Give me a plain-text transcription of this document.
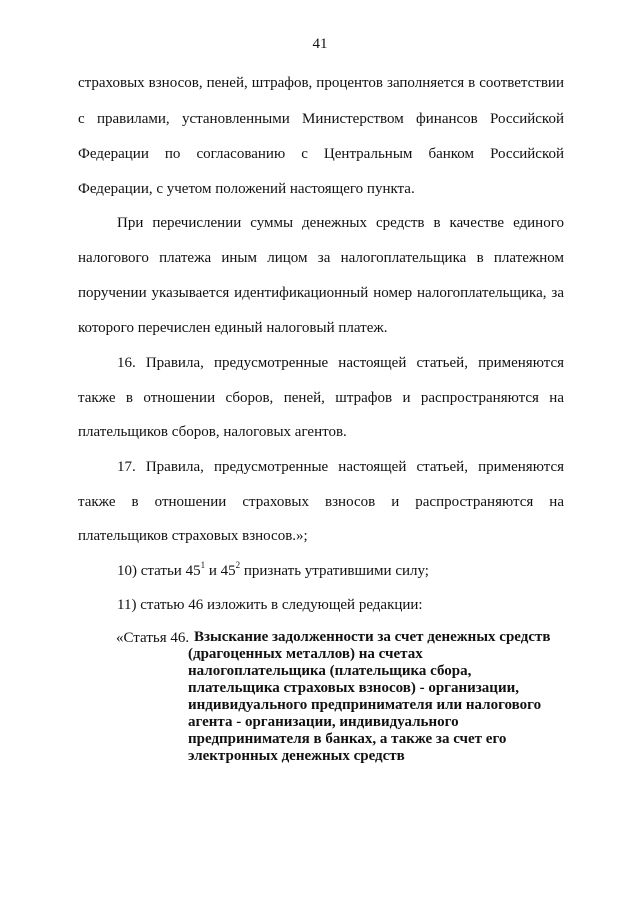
41
страховых взносов, пеней, штрафов, процентов заполняется в соответствии
с правилами, установленными Министерством финансов Российской
Федерации по согласованию с Центральным банком Российской
Федерации, с учетом положений настоящего пункта.
При перечислении суммы денежных средств в качестве единого
налогового платежа иным лицом за налогоплательщика в платежном
поручении указывается идентификационный номер налогоплательщика, за
которого перечислен единый налоговый платеж.
16. Правила, предусмотренные настоящей статьей, применяются
также в отношении сборов, пеней, штрафов и распространяются на
плательщиков сборов, налоговых агентов.
17. Правила, предусмотренные настоящей статьей, применяются
также в отношении страховых взносов и распространяются на
плательщиков страховых взносов.»;
10) статьи $45^1$ и $45^2$ признать утратившими силу;
11) статью 46 изложить в следующей редакции:
«Статья 46. Взыскание задолженности за счет денежных средств
(драгоценных металлов) на счетах
налогоплательщика (плательщика сбора,
плательщика страховых взносов) - организации,
индивидуального предпринимателя или налогового
агента - организации, индивидуального
предпринимателя в банках, а также за счет его
электронных денежных средств
